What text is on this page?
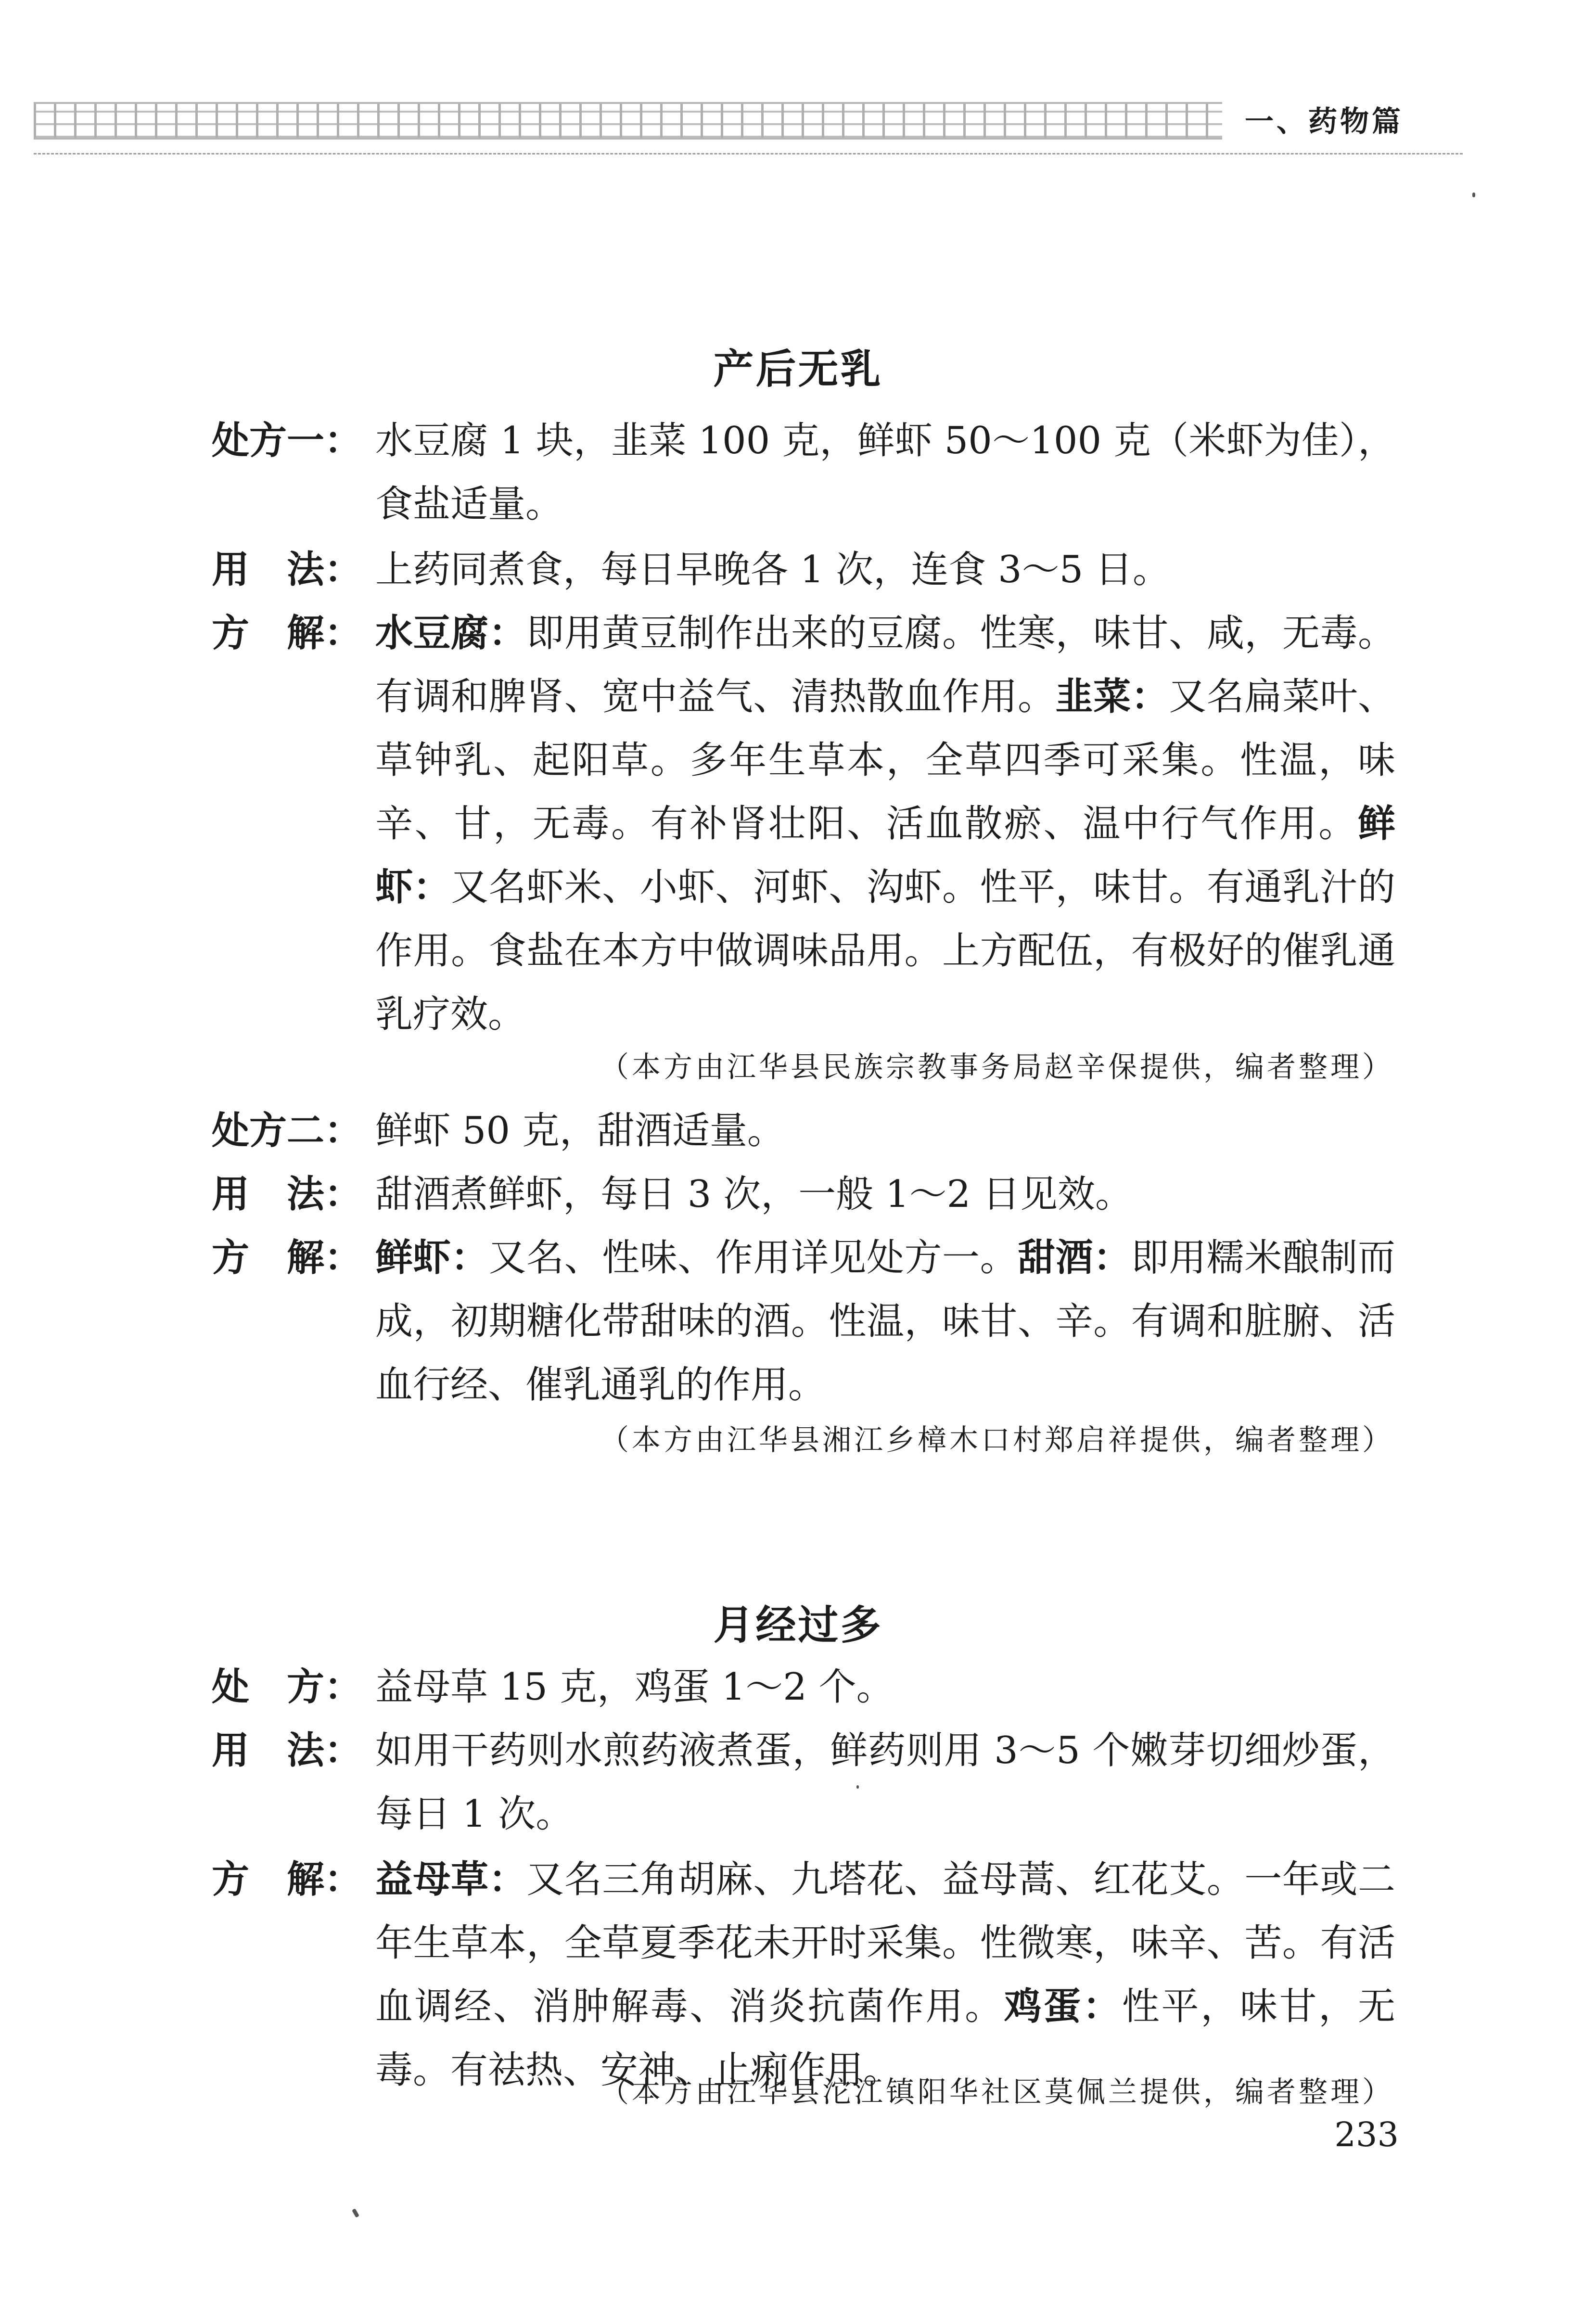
一、药物篇
产后无乳
处方一： 水豆腐 1 块，韭菜 100 克，鲜虾 50～100 克（米虾为佳），食盐适量。
用　法： 上药同煮食，每日早晚各 1 次，连食 3～5 日。
方　解： 水豆腐：即用黄豆制作出来的豆腐。性寒，味甘、咸，无毒。有调和脾肾、宽中益气、清热散血作用。韭菜：又名扁菜叶、草钟乳、起阳草。多年生草本，全草四季可采集。性温，味辛、甘，无毒。有补肾壮阳、活血散瘀、温中行气作用。鲜虾：又名虾米、小虾、河虾、沟虾。性平，味甘。有通乳汁的作用。食盐在本方中做调味品用。上方配伍，有极好的催乳通乳疗效。
（本方由江华县民族宗教事务局赵辛保提供，编者整理）
处方二： 鲜虾 50 克，甜酒适量。
用　法： 甜酒煮鲜虾，每日 3 次，一般 1～2 日见效。
方　解： 鲜虾：又名、性味、作用详见处方一。甜酒：即用糯米酿制而成，初期糖化带甜味的酒。性温，味甘、辛。有调和脏腑、活血行经、催乳通乳的作用。
（本方由江华县湘江乡樟木口村郑启祥提供，编者整理）
月经过多
处　方： 益母草 15 克，鸡蛋 1～2 个。
用　法： 如用干药则水煎药液煮蛋，鲜药则用 3～5 个嫩芽切细炒蛋，每日 1 次。
方　解： 益母草：又名三角胡麻、九塔花、益母蒿、红花艾。一年或二年生草本，全草夏季花未开时采集。性微寒，味辛、苦。有活血调经、消肿解毒、消炎抗菌作用。鸡蛋：性平，味甘，无毒。有祛热、安神、止痢作用。
（本方由江华县沱江镇阳华社区莫佩兰提供，编者整理）
233
